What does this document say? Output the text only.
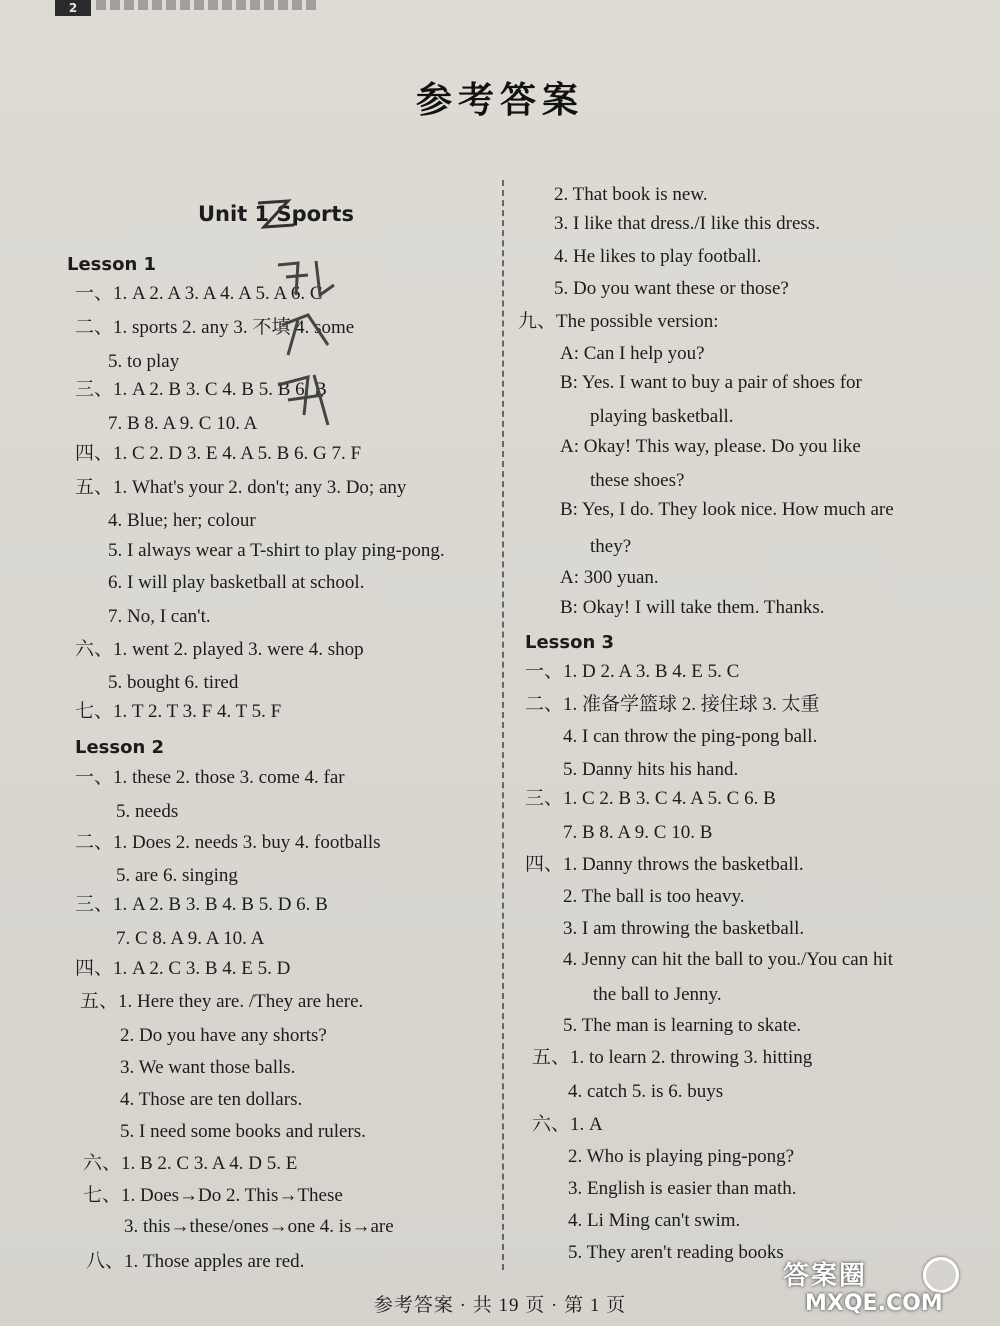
2
参考答案
Unit 1 Sports
Lesson 1
一、1. A 2. A 3. A 4. A 5. A 6. C
二、1. sports 2. any 3. 不填 4. some
5. to play
三、1. A 2. B 3. C 4. B 5. B 6. B
7. B 8. A 9. C 10. A
四、1. C 2. D 3. E 4. A 5. B 6. G 7. F
五、1. What's your 2. don't; any 3. Do; any
4. Blue; her; colour
5. I always wear a T-shirt to play ping-pong.
6. I will play basketball at school.
7. No, I can't.
六、1. went 2. played 3. were 4. shop
5. bought 6. tired
七、1. T 2. T 3. F 4. T 5. F
Lesson 2
一、1. these 2. those 3. come 4. far
5. needs
二、1. Does 2. needs 3. buy 4. footballs
5. are 6. singing
三、1. A 2. B 3. B 4. B 5. D 6. B
7. C 8. A 9. A 10. A
四、1. A 2. C 3. B 4. E 5. D
五、1. Here they are. /They are here.
2. Do you have any shorts?
3. We want those balls.
4. Those are ten dollars.
5. I need some books and rulers.
六、1. B 2. C 3. A 4. D 5. E
七、1. Does→Do 2. This→These
3. this→these/ones→one 4. is→are
八、1. Those apples are red.
2. That book is new.
3. I like that dress./I like this dress.
4. He likes to play football.
5. Do you want these or those?
九、The possible version:
A: Can I help you?
B: Yes. I want to buy a pair of shoes for
playing basketball.
A: Okay! This way, please. Do you like
these shoes?
B: Yes, I do. They look nice. How much are
they?
A: 300 yuan.
B: Okay! I will take them. Thanks.
Lesson 3
一、1. D 2. A 3. B 4. E 5. C
二、1. 准备学篮球 2. 接住球 3. 太重
4. I can throw the ping-pong ball.
5. Danny hits his hand.
三、1. C 2. B 3. C 4. A 5. C 6. B
7. B 8. A 9. C 10. B
四、1. Danny throws the basketball.
2. The ball is too heavy.
3. I am throwing the basketball.
4. Jenny can hit the ball to you./You can hit
the ball to Jenny.
5. The man is learning to skate.
五、1. to learn 2. throwing 3. hitting
4. catch 5. is 6. buys
六、1. A
2. Who is playing ping-pong?
3. English is easier than math.
4. Li Ming can't swim.
5. They aren't reading books
参考答案 · 共 19 页 · 第 1 页
答案圈
MXQE.COM
